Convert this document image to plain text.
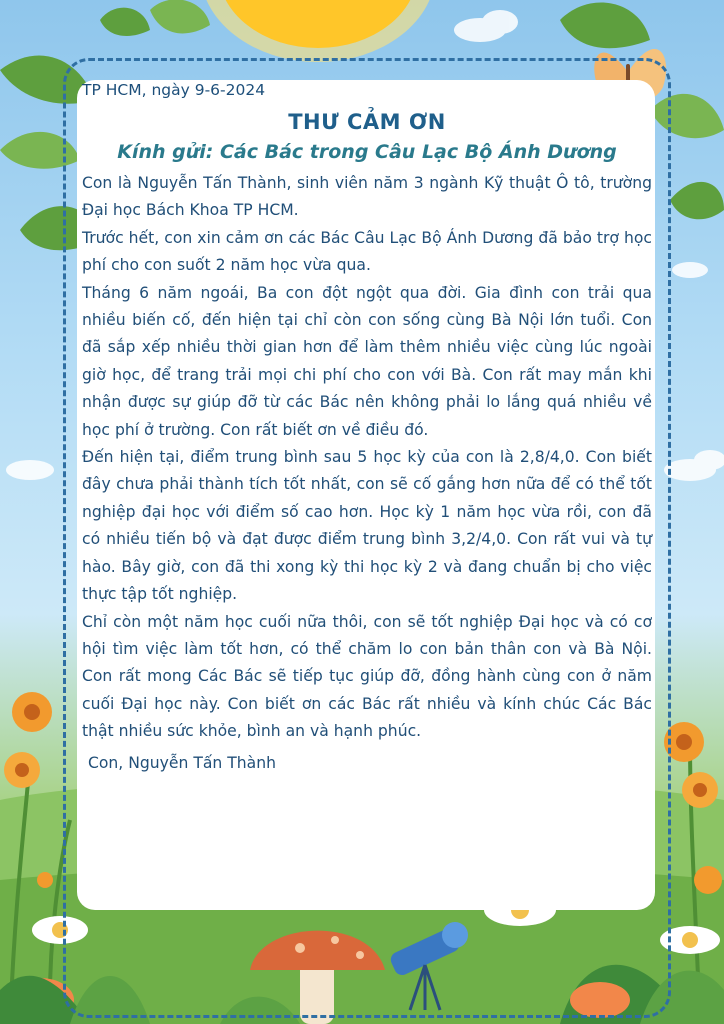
TP HCM, ngày 9-6-2024

THƯ CẢM ƠN

Kính gửi: Các Bác trong Câu Lạc Bộ Ánh Dương

Con là Nguyễn Tấn Thành, sinh viên năm 3 ngành Kỹ thuật Ô tô, trường Đại học Bách Khoa TP HCM.

Trước hết, con xin cảm ơn các Bác Câu Lạc Bộ Ánh Dương đã bảo trợ học phí cho con suốt 2 năm học vừa qua.

Tháng 6 năm ngoái, Ba con đột ngột qua đời. Gia đình con trải qua nhiều biến cố, đến hiện tại chỉ còn con sống cùng Bà Nội lớn tuổi. Con đã sắp xếp nhiều thời gian hơn để làm thêm nhiều việc cùng lúc ngoài giờ học, để trang trải mọi chi phí cho con với Bà. Con rất may mắn khi nhận được sự giúp đỡ từ các Bác nên không phải lo lắng quá nhiều về học phí ở trường. Con rất biết ơn về điều đó.

Đến hiện tại, điểm trung bình sau 5 học kỳ của con là 2,8/4,0. Con biết đây chưa phải thành tích tốt nhất, con sẽ cố gắng hơn nữa để có thể tốt nghiệp đại học với điểm số cao hơn. Học kỳ 1 năm học vừa rồi, con đã có nhiều tiến bộ và đạt được điểm trung bình 3,2/4,0. Con rất vui và tự hào. Bây giờ, con đã thi xong kỳ thi học kỳ 2 và đang chuẩn bị cho việc thực tập tốt nghiệp.

Chỉ còn một năm học cuối nữa thôi, con sẽ tốt nghiệp Đại học và có cơ hội tìm việc làm tốt hơn, có thể chăm lo con bản thân con và Bà Nội. Con rất mong Các Bác sẽ tiếp tục giúp đỡ, đồng hành cùng con ở năm cuối Đại học này. Con biết ơn các Bác rất nhiều và kính chúc Các Bác thật nhiều sức khỏe, bình an và hạnh phúc.

Con, Nguyễn Tấn Thành
